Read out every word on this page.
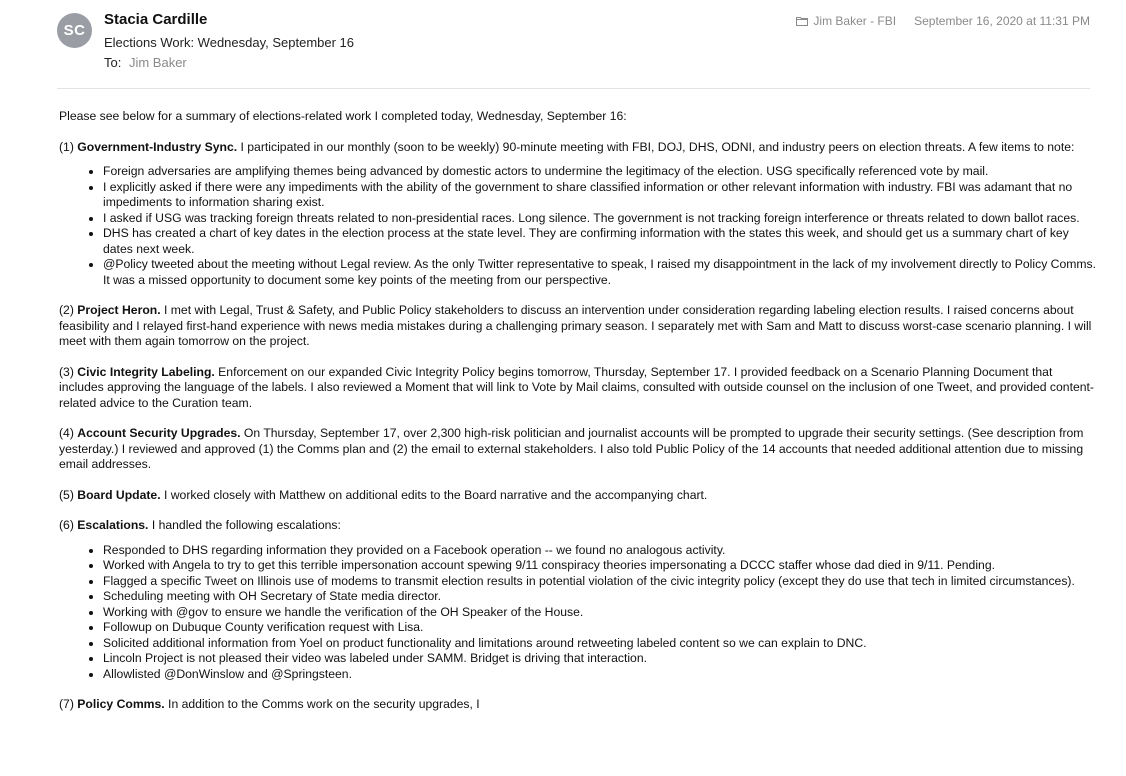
SC
Stacia Cardille
Elections Work: Wednesday, September 16
To: Jim Baker
Jim Baker - FBI September 16, 2020 at 11:31 PM

Please see below for a summary of elections-related work I completed today, Wednesday, September 16:

(1) Government-Industry Sync. I participated in our monthly (soon to be weekly) 90-minute meeting with FBI, DOJ, DHS, ODNI, and industry peers on election threats. A few items to note:

• Foreign adversaries are amplifying themes being advanced by domestic actors to undermine the legitimacy of the election. USG specifically referenced vote by mail.
• I explicitly asked if there were any impediments with the ability of the government to share classified information or other relevant information with industry. FBI was adamant that no impediments to information sharing exist.
• I asked if USG was tracking foreign threats related to non-presidential races. Long silence. The government is not tracking foreign interference or threats related to down ballot races.
• DHS has created a chart of key dates in the election process at the state level. They are confirming information with the states this week, and should get us a summary chart of key dates next week.
• @Policy tweeted about the meeting without Legal review. As the only Twitter representative to speak, I raised my disappointment in the lack of my involvement directly to Policy Comms. It was a missed opportunity to document some key points of the meeting from our perspective.

(2) Project Heron. I met with Legal, Trust & Safety, and Public Policy stakeholders to discuss an intervention under consideration regarding labeling election results. I raised concerns about feasibility and I relayed first-hand experience with news media mistakes during a challenging primary season. I separately met with Sam and Matt to discuss worst-case scenario planning. I will meet with them again tomorrow on the project.

(3) Civic Integrity Labeling. Enforcement on our expanded Civic Integrity Policy begins tomorrow, Thursday, September 17. I provided feedback on a Scenario Planning Document that includes approving the language of the labels. I also reviewed a Moment that will link to Vote by Mail claims, consulted with outside counsel on the inclusion of one Tweet, and provided content-related advice to the Curation team.

(4) Account Security Upgrades. On Thursday, September 17, over 2,300 high-risk politician and journalist accounts will be prompted to upgrade their security settings. (See description from yesterday.) I reviewed and approved (1) the Comms plan and (2) the email to external stakeholders. I also told Public Policy of the 14 accounts that needed additional attention due to missing email addresses.

(5) Board Update. I worked closely with Matthew on additional edits to the Board narrative and the accompanying chart.

(6) Escalations. I handled the following escalations:

• Responded to DHS regarding information they provided on a Facebook operation -- we found no analogous activity.
• Worked with Angela to try to get this terrible impersonation account spewing 9/11 conspiracy theories impersonating a DCCC staffer whose dad died in 9/11. Pending.
• Flagged a specific Tweet on Illinois use of modems to transmit election results in potential violation of the civic integrity policy (except they do use that tech in limited circumstances).
• Scheduling meeting with OH Secretary of State media director.
• Working with @gov to ensure we handle the verification of the OH Speaker of the House.
• Followup on Dubuque County verification request with Lisa.
• Solicited additional information from Yoel on product functionality and limitations around retweeting labeled content so we can explain to DNC.
• Lincoln Project is not pleased their video was labeled under SAMM. Bridget is driving that interaction.
• Allowlisted @DonWinslow and @Springsteen.

(7) Policy Comms. In addition to the Comms work on the security upgrades, I
